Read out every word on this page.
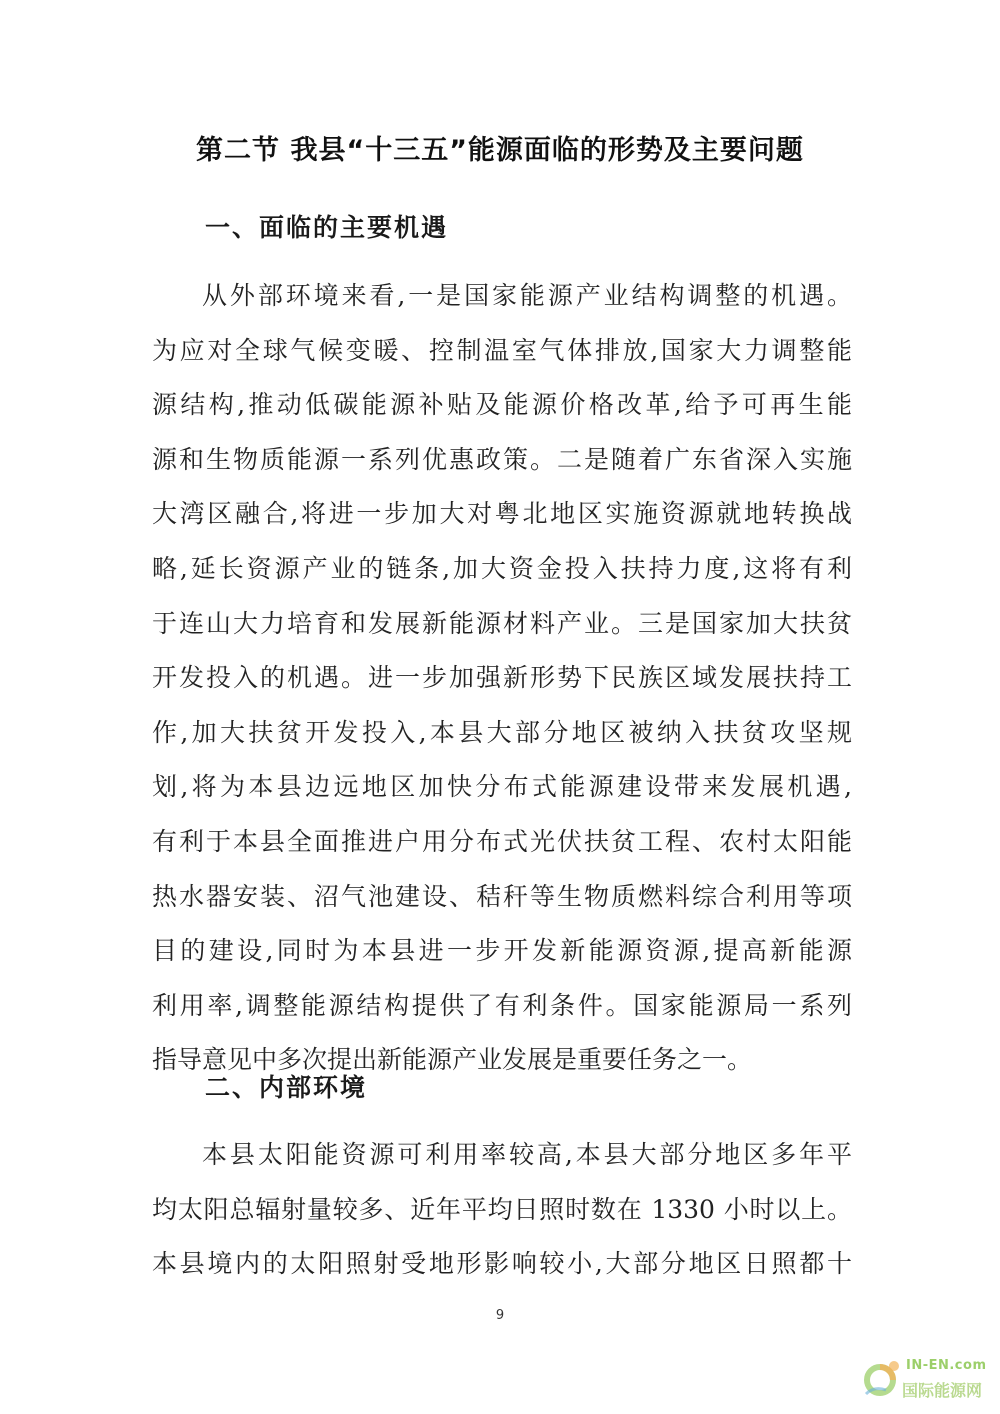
第二节 我县“十三五”能源面临的形势及主要问题
一、面临的主要机遇
从外部环境来看,一是国家能源产业结构调整的机遇。
为应对全球气候变暖、控制温室气体排放,国家大力调整能
源结构,推动低碳能源补贴及能源价格改革,给予可再生能
源和生物质能源一系列优惠政策。二是随着广东省深入实施
大湾区融合,将进一步加大对粤北地区实施资源就地转换战
略,延长资源产业的链条,加大资金投入扶持力度,这将有利
于连山大力培育和发展新能源材料产业。三是国家加大扶贫
开发投入的机遇。进一步加强新形势下民族区域发展扶持工
作,加大扶贫开发投入,本县大部分地区被纳入扶贫攻坚规
划,将为本县边远地区加快分布式能源建设带来发展机遇,
有利于本县全面推进户用分布式光伏扶贫工程、农村太阳能
热水器安装、沼气池建设、秸秆等生物质燃料综合利用等项
目的建设,同时为本县进一步开发新能源资源,提高新能源
利用率,调整能源结构提供了有利条件。国家能源局一系列
指导意见中多次提出新能源产业发展是重要任务之一。
二、内部环境
本县太阳能资源可利用率较高,本县大部分地区多年平
均太阳总辐射量较多、近年平均日照时数在 1330 小时以上。
本县境内的太阳照射受地形影响较小,大部分地区日照都十
9
IN-EN.com
国际能源网
